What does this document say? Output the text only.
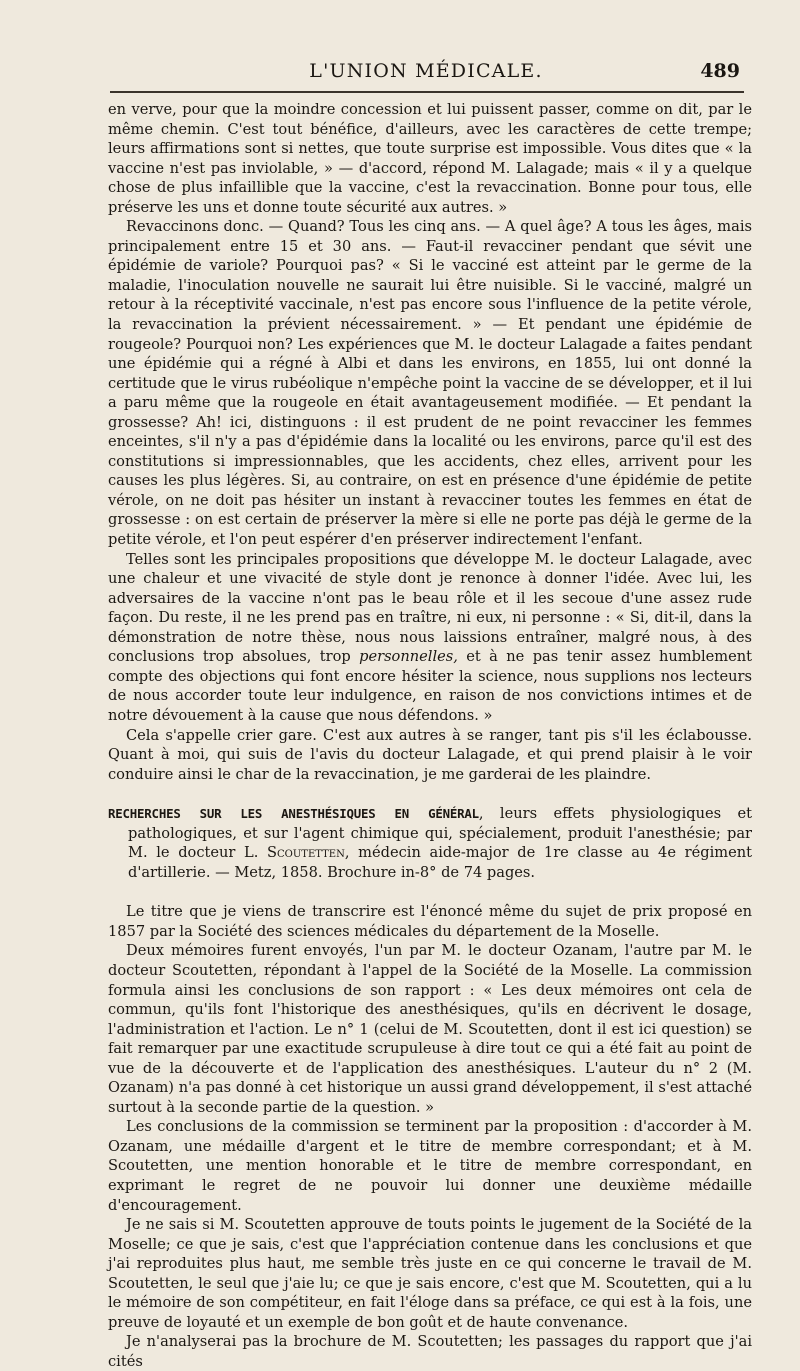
L'UNION MÉDICALE.	489

en verve, pour que la moindre concession et lui puissent passer, comme on dit, par le même chemin. C'est tout bénéfice, d'ailleurs, avec les caractères de cette trempe; leurs affirmations sont si nettes, que toute surprise est impossible. Vous dites que « la vaccine n'est pas inviolable, » — d'accord, répond M. Lalagade; mais « il y a quelque chose de plus infaillible que la vaccine, c'est la revaccination. Bonne pour tous, elle préserve les uns et donne toute sécurité aux autres. »

Revaccinons donc. — Quand? Tous les cinq ans. — A quel âge? A tous les âges, mais principalement entre 15 et 30 ans. — Faut-il revacciner pendant que sévit une épidémie de variole? Pourquoi pas? « Si le vacciné est atteint par le germe de la maladie, l'inoculation nouvelle ne saurait lui être nuisible. Si le vacciné, malgré un retour à la réceptivité vaccinale, n'est pas encore sous l'influence de la petite vérole, la revaccination la prévient nécessairement. » — Et pendant une épidémie de rougeole? Pourquoi non? Les expériences que M. le docteur Lalagade a faites pendant une épidémie qui a régné à Albi et dans les environs, en 1855, lui ont donné la certitude que le virus rubéolique n'empêche point la vaccine de se développer, et il lui a paru même que la rougeole en était avantageusement modifiée. — Et pendant la grossesse? Ah! ici, distinguons : il est prudent de ne point revacciner les femmes enceintes, s'il n'y a pas d'épidémie dans la localité ou les environs, parce qu'il est des constitutions si impressionnables, que les accidents, chez elles, arrivent pour les causes les plus légères. Si, au contraire, on est en présence d'une épidémie de petite vérole, on ne doit pas hésiter un instant à revacciner toutes les femmes en état de grossesse : on est certain de préserver la mère si elle ne porte pas déjà le germe de la petite vérole, et l'on peut espérer d'en préserver indirectement l'enfant.

Telles sont les principales propositions que développe M. le docteur Lalagade, avec une chaleur et une vivacité de style dont je renonce à donner l'idée. Avec lui, les adversaires de la vaccine n'ont pas le beau rôle et il les secoue d'une assez rude façon. Du reste, il ne les prend pas en traître, ni eux, ni personne : « Si, dit-il, dans la démonstration de notre thèse, nous nous laissions entraîner, malgré nous, à des conclusions trop absolues, trop personnelles, et à ne pas tenir assez humblement compte des objections qui font encore hésiter la science, nous supplions nos lecteurs de nous accorder toute leur indulgence, en raison de nos convictions intimes et de notre dévouement à la cause que nous défendons. »

Cela s'appelle crier gare. C'est aux autres à se ranger, tant pis s'il les éclabousse. Quant à moi, qui suis de l'avis du docteur Lalagade, et qui prend plaisir à le voir conduire ainsi le char de la revaccination, je me garderai de les plaindre.

RECHERCHES SUR LES ANESTHÉSIQUES EN GÉNÉRAL, leurs effets physiologiques et pathologiques, et sur l'agent chimique qui, spécialement, produit l'anesthésie; par M. le docteur L. Scoutetten, médecin aide-major de 1re classe au 4e régiment d'artillerie. — Metz, 1858. Brochure in-8° de 74 pages.

Le titre que je viens de transcrire est l'énoncé même du sujet de prix proposé en 1857 par la Société des sciences médicales du département de la Moselle.

Deux mémoires furent envoyés, l'un par M. le docteur Ozanam, l'autre par M. le docteur Scoutetten, répondant à l'appel de la Société de la Moselle. La commission formula ainsi les conclusions de son rapport : « Les deux mémoires ont cela de commun, qu'ils font l'historique des anesthésiques, qu'ils en décrivent le dosage, l'administration et l'action. Le n° 1 (celui de M. Scoutetten, dont il est ici question) se fait remarquer par une exactitude scrupuleuse à dire tout ce qui a été fait au point de vue de la découverte et de l'application des anesthésiques. L'auteur du n° 2 (M. Ozanam) n'a pas donné à cet historique un aussi grand développement, il s'est attaché surtout à la seconde partie de la question. »

Les conclusions de la commission se terminent par la proposition : d'accorder à M. Ozanam, une médaille d'argent et le titre de membre correspondant; et à M. Scoutetten, une mention honorable et le titre de membre correspondant, en exprimant le regret de ne pouvoir lui donner une deuxième médaille d'encouragement.

Je ne sais si M. Scoutetten approuve de touts points le jugement de la Société de la Moselle; ce que je sais, c'est que l'appréciation contenue dans les conclusions et que j'ai reproduites plus haut, me semble très juste en ce qui concerne le travail de M. Scoutetten, le seul que j'aie lu; ce que je sais encore, c'est que M. Scoutetten, qui a lu le mémoire de son compétiteur, en fait l'éloge dans sa préface, ce qui est à la fois, une preuve de loyauté et un exemple de bon goût et de haute convenance.

Je n'analyserai pas la brochure de M. Scoutetten; les passages du rapport que j'ai cités
